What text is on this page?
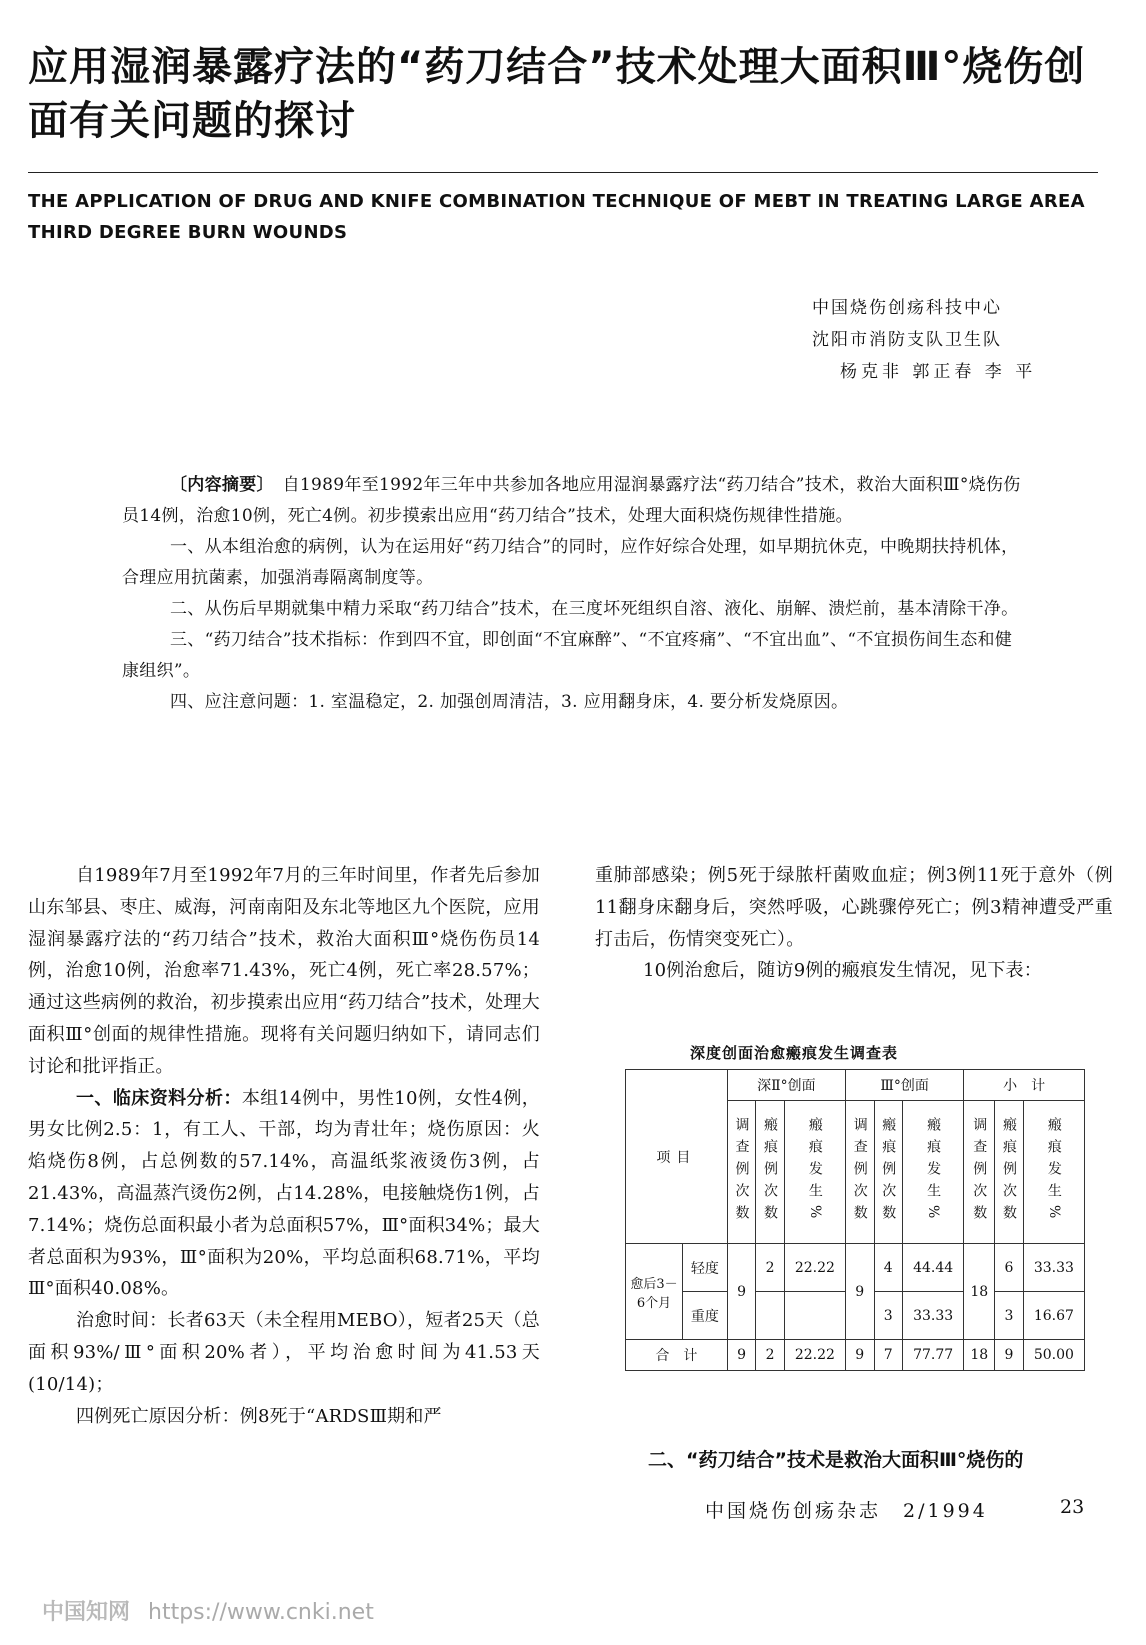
应用湿润暴露疗法的“药刀结合”技术处理大面积Ⅲ°烧伤创面有关问题的探讨
THE APPLICATION OF DRUG AND KNIFE COMBINATION TECHNIQUE OF MEBT IN TREATING LARGE AREA THIRD DEGREE BURN WOUNDS
中国烧伤创疡科技中心
沈阳市消防支队卫生队
杨克非 郭正春 李 平

〔内容摘要〕　 自1989年至1992年三年中共参加各地应用湿润暴露疗法“药刀结合”技术，救治大面积Ⅲ°烧伤伤员14例，治愈10例，死亡4例。初步摸索出应用“药刀结合”技术，处理大面积烧伤规律性措施。

一、从本组治愈的病例，认为在运用好“药刀结合”的同时，应作好综合处理，如早期抗休克，中晚期扶持机体，合理应用抗菌素，加强消毒隔离制度等。

二、从伤后早期就集中精力采取“药刀结合”技术，在三度坏死组织自溶、液化、崩解、溃烂前，基本清除干净。

三、“药刀结合”技术指标：作到四不宜，即创面“不宜麻醉”、“不宜疼痛”、“不宜出血”、“不宜损伤间生态和健康组织”。

四、应注意问题：1. 室温稳定，2. 加强创周清洁，3. 应用翻身床，4. 要分析发烧原因。

自1989年7月至1992年7月的三年时间里，作者先后参加山东邹县、枣庄、威海，河南南阳及东北等地区九个医院，应用湿润暴露疗法的“药刀结合”技术，救治大面积Ⅲ°烧伤伤员14例，治愈10例，治愈率71.43%，死亡4例，死亡率28.57%；通过这些病例的救治，初步摸索出应用“药刀结合”技术，处理大面积Ⅲ°创面的规律性措施。现将有关问题归纳如下，请同志们讨论和批评指正。

一、临床资料分析：本组14例中，男性10例，女性4例，男女比例2.5：1，有工人、干部，均为青壮年；烧伤原因：火焰烧伤8例，占总例数的57.14%，高温纸浆液烫伤3例，占21.43%，高温蒸汽烫伤2例，占14.28%，电接触烧伤1例，占7.14%；烧伤总面积最小者为总面积57%，Ⅲ°面积34%；最大者总面积为93%，Ⅲ°面积为20%，平均总面积68.71%，平均Ⅲ°面积40.08%。

治愈时间：长者63天（未全程用MEBO），短者25天（总面积93%/Ⅲ°面积20%者），平均治愈时间为41.53天(10/14)；

四例死亡原因分析：例8死于“ARDSⅢ期和严

重肺部感染；例5死于绿脓杆菌败血症；例3例11死于意外（例11翻身床翻身后，突然呼吸，心跳骤停死亡；例3精神遭受严重打击后，伤情突变死亡）。

10例治愈后，随访9例的瘢痕发生情况，见下表：

深度创面治愈瘢痕发生调查表
项目		深Ⅱ°创面			Ⅲ°创面			小　计		
		调查例次数	瘢痕例次数	瘢痕发生%	调查例次数	瘢痕例次数	瘢痕发生%	调查例次数	瘢痕例次数	瘢痕发生%
愈后3－6个月	轻度	9	2	22.22	9	4	44.44	18	6	33.33
	重度					3	33.33		3	16.67
合　计		9	2	22.22	9	7	77.77	18	9	50.00
二、“药刀结合”技术是救治大面积Ⅲ°烧伤的
中国烧伤创疡杂志　2/1994	23
中国知网 https://www.cnki.net
